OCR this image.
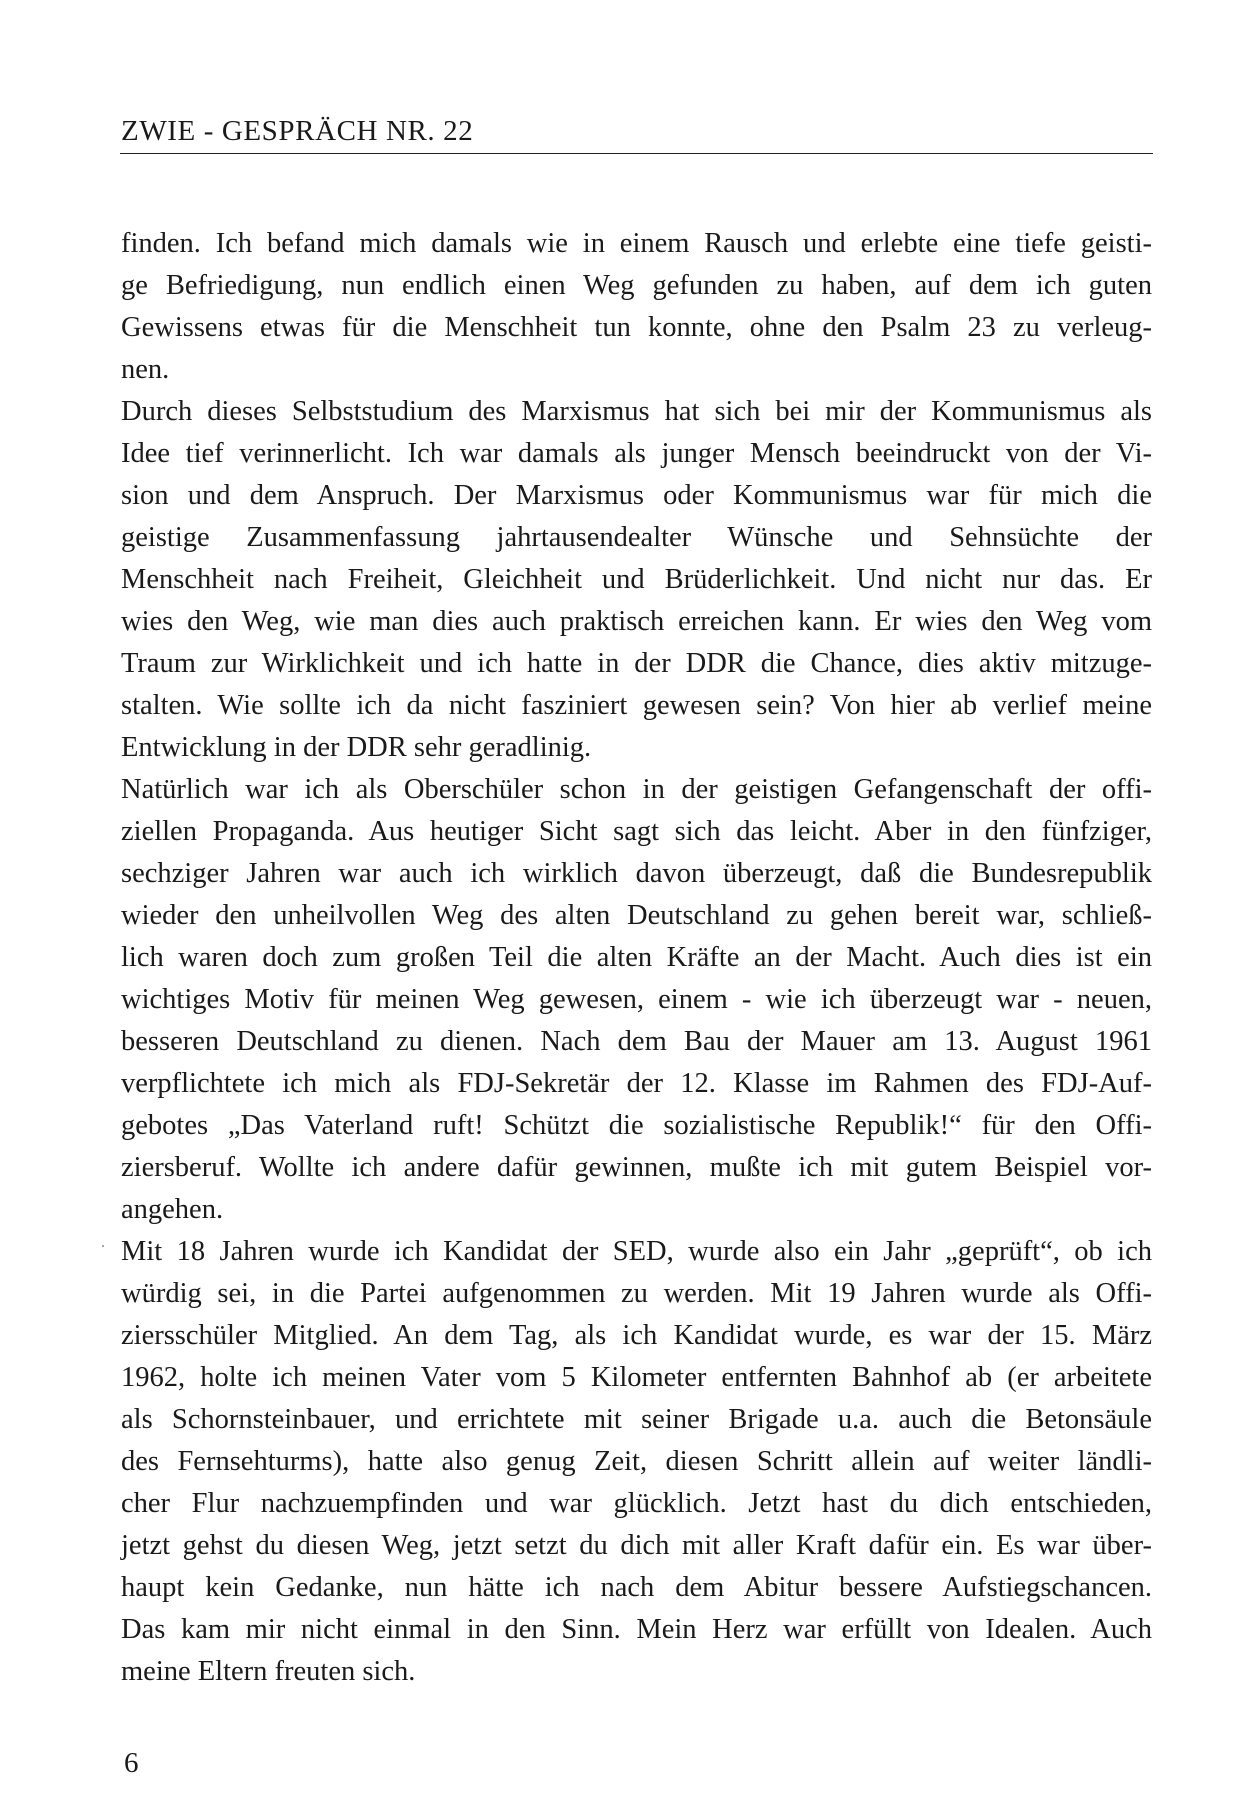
ZWIE - GESPRÄCH NR. 22
finden. Ich befand mich damals wie in einem Rausch und erlebte eine tiefe geisti-
ge Befriedigung, nun endlich einen Weg gefunden zu haben, auf dem ich guten
Gewissens etwas für die Menschheit tun konnte, ohne den Psalm 23 zu verleug-
nen.
Durch dieses Selbststudium des Marxismus hat sich bei mir der Kommunismus als
Idee tief verinnerlicht. Ich war damals als junger Mensch beeindruckt von der Vi-
sion und dem Anspruch. Der Marxismus oder Kommunismus war für mich die
geistige Zusammenfassung jahrtausendealter Wünsche und Sehnsüchte der
Menschheit nach Freiheit, Gleichheit und Brüderlichkeit. Und nicht nur das. Er
wies den Weg, wie man dies auch praktisch erreichen kann. Er wies den Weg vom
Traum zur Wirklichkeit und ich hatte in der DDR die Chance, dies aktiv mitzuge-
stalten. Wie sollte ich da nicht fasziniert gewesen sein? Von hier ab verlief meine
Entwicklung in der DDR sehr geradlinig.
Natürlich war ich als Oberschüler schon in der geistigen Gefangenschaft der offi-
ziellen Propaganda. Aus heutiger Sicht sagt sich das leicht. Aber in den fünfziger,
sechziger Jahren war auch ich wirklich davon überzeugt, daß die Bundesrepublik
wieder den unheilvollen Weg des alten Deutschland zu gehen bereit war, schließ-
lich waren doch zum großen Teil die alten Kräfte an der Macht. Auch dies ist ein
wichtiges Motiv für meinen Weg gewesen, einem - wie ich überzeugt war - neuen,
besseren Deutschland zu dienen. Nach dem Bau der Mauer am 13. August 1961
verpflichtete ich mich als FDJ-Sekretär der 12. Klasse im Rahmen des FDJ-Auf-
gebotes „Das Vaterland ruft! Schützt die sozialistische Republik!“ für den Offi-
ziersberuf. Wollte ich andere dafür gewinnen, mußte ich mit gutem Beispiel vor-
angehen.
Mit 18 Jahren wurde ich Kandidat der SED, wurde also ein Jahr „geprüft“, ob ich
würdig sei, in die Partei aufgenommen zu werden. Mit 19 Jahren wurde als Offi-
ziersschüler Mitglied. An dem Tag, als ich Kandidat wurde, es war der 15. März
1962, holte ich meinen Vater vom 5 Kilometer entfernten Bahnhof ab (er arbeitete
als Schornsteinbauer, und errichtete mit seiner Brigade u.a. auch die Betonsäule
des Fernsehturms), hatte also genug Zeit, diesen Schritt allein auf weiter ländli-
cher Flur nachzuempfinden und war glücklich. Jetzt hast du dich entschieden,
jetzt gehst du diesen Weg, jetzt setzt du dich mit aller Kraft dafür ein. Es war über-
haupt kein Gedanke, nun hätte ich nach dem Abitur bessere Aufstiegschancen.
Das kam mir nicht einmal in den Sinn. Mein Herz war erfüllt von Idealen. Auch
meine Eltern freuten sich.
6
